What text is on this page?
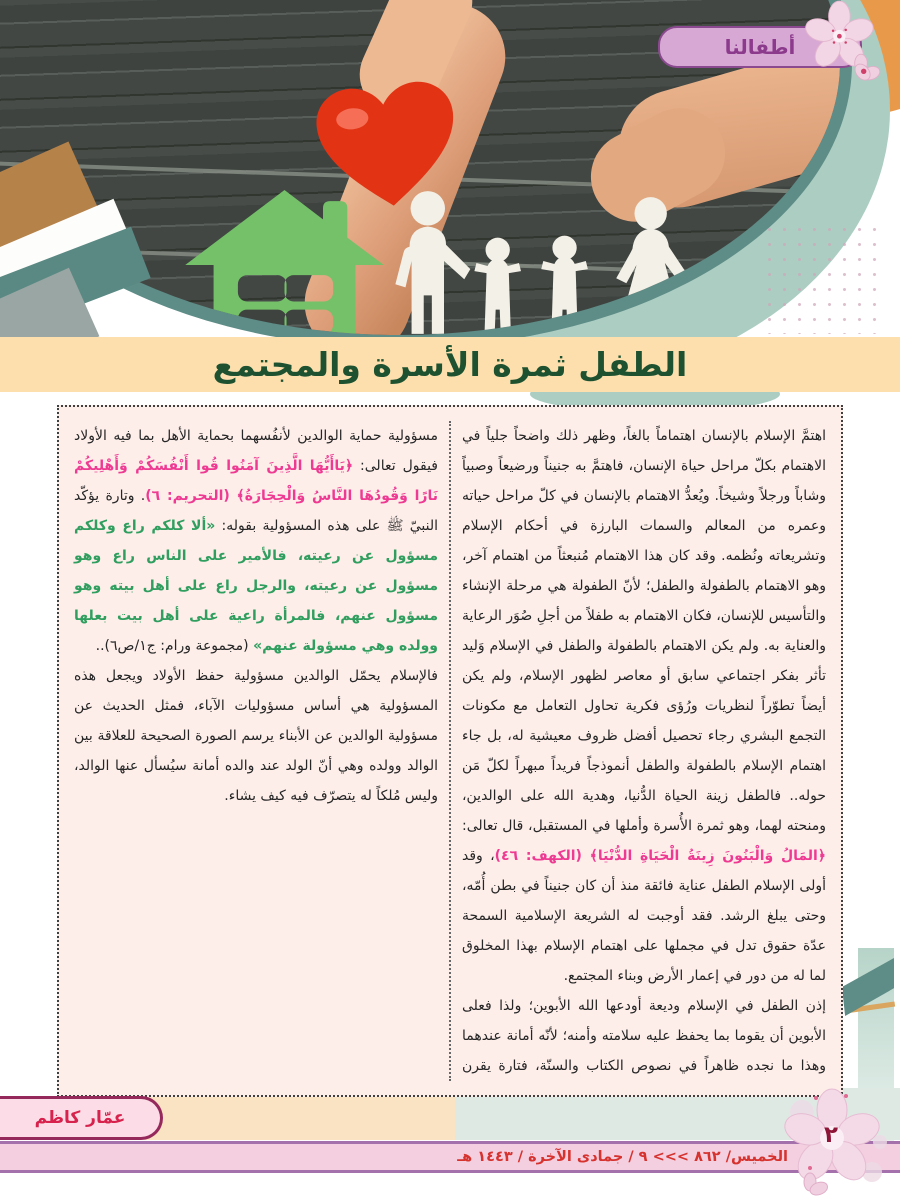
أطفالنا
الطفل ثمرة الأسرة والمجتمع

اهتمَّ الإسلام بالإنسان اهتماماً بالغاً، وظهر ذلك واضحاً جلياً في الاهتمام بكلّ مراحل حياة الإنسان، فاهتمَّ به جنيناً ورضيعاً وصبياً وشاباً ورجلاً وشيخاً. ويُعدُّ الاهتمام بالإنسان في كلّ مراحل حياته وعمره من المعالم والسمات البارزة في أحكام الإسلام وتشريعاته ونُظمه. وقد كان هذا الاهتمام مُنبعثاً من اهتمام آخر، وهو الاهتمام بالطفولة والطفل؛ لأنّ الطفولة هي مرحلة الإنشاء والتأسيس للإنسان، فكان الاهتمام به طفلاً من أجلِ صُوَر الرعاية والعناية به. ولم يكن الاهتمام بالطفولة والطفل في الإسلام وَليد تأثر بفكر اجتماعي سابق أو معاصر لظهور الإسلام، ولم يكن أيضاً تطوّراً لنظريات ورُؤى فكرية تحاول التعامل مع مكونات التجمع البشري رجاء تحصيل أفضل ظروف معيشية له، بل جاء اهتمام الإسلام بالطفولة والطفل أنموذجاً فريداً مبهراً لكلّ مَن حوله.. فالطفل زينة الحياة الدُّنيا، وهدية الله على الوالدين، ومنحته لهما، وهو ثمرة الأُسرة وأملها في المستقبل، قال تعالى: ﴿المَالُ وَالْبَنُونَ زِينَةُ الْحَيَاةِ الدُّنْيَا﴾ (الكهف: ٤٦)، وقد أولى الإسلام الطفل عناية فائقة منذ أن كان جنيناً في بطن أُمّه، وحتى يبلغ الرشد. فقد أوجبت له الشريعة الإسلامية السمحة عدّة حقوق تدل في مجملها على اهتمام الإسلام بهذا المخلوق لما له من دور في إعمار الأرض وبناء المجتمع.

إذن الطفل في الإسلام وديعة أودعها الله الأبوين؛ ولذا فعلى الأبوين أن يقوما بما يحفظ عليه سلامته وأمنه؛ لأنّه أمانة عندهما وهذا ما نجده ظاهراً في نصوص الكتاب والسنّة، فتارة يقرن مسؤولية حماية الوالدين لأنفُسهما بحماية الأهل بما فيه الأولاد فيقول تعالى: ﴿يَاأَيُّهَا الَّذِينَ آمَنُوا قُوا أَنْفُسَكُمْ وَأَهْلِيكُمْ نَارًا وَقُودُهَا النَّاسُ وَالْحِجَارَةُ﴾ (التحريم: ٦). وتارة يؤكّد النبيّ ﷺ على هذه المسؤولية بقوله: «ألا كلكم راع وكلكم مسؤول عن رعيته، فالأمير على الناس راع وهو مسؤول عن رعيته، والرجل راع على أهل بيته وهو مسؤول عنهم، فالمرأة راعية على أهل بيت بعلها وولده وهي مسؤولة عنهم» (مجموعة ورام: ج١/ص٦)..

فالإسلام يحمّل الوالدين مسؤولية حفظ الأولاد ويجعل هذه المسؤولية هي أساس مسؤوليات الآباء، فمثل الحديث عن مسؤولية الوالدين عن الأبناء يرسم الصورة الصحيحة للعلاقة بين الوالد وولده وهي أنّ الولد عند والده أمانة سيُسأل عنها الوالد، وليس مُلكاً له يتصرّف فيه كيف يشاء.

عمّار كاظم
الخميس/ ٨٦٢ >>> ٩ / جمادى الآخرة / ١٤٤٣ هـ
٢
